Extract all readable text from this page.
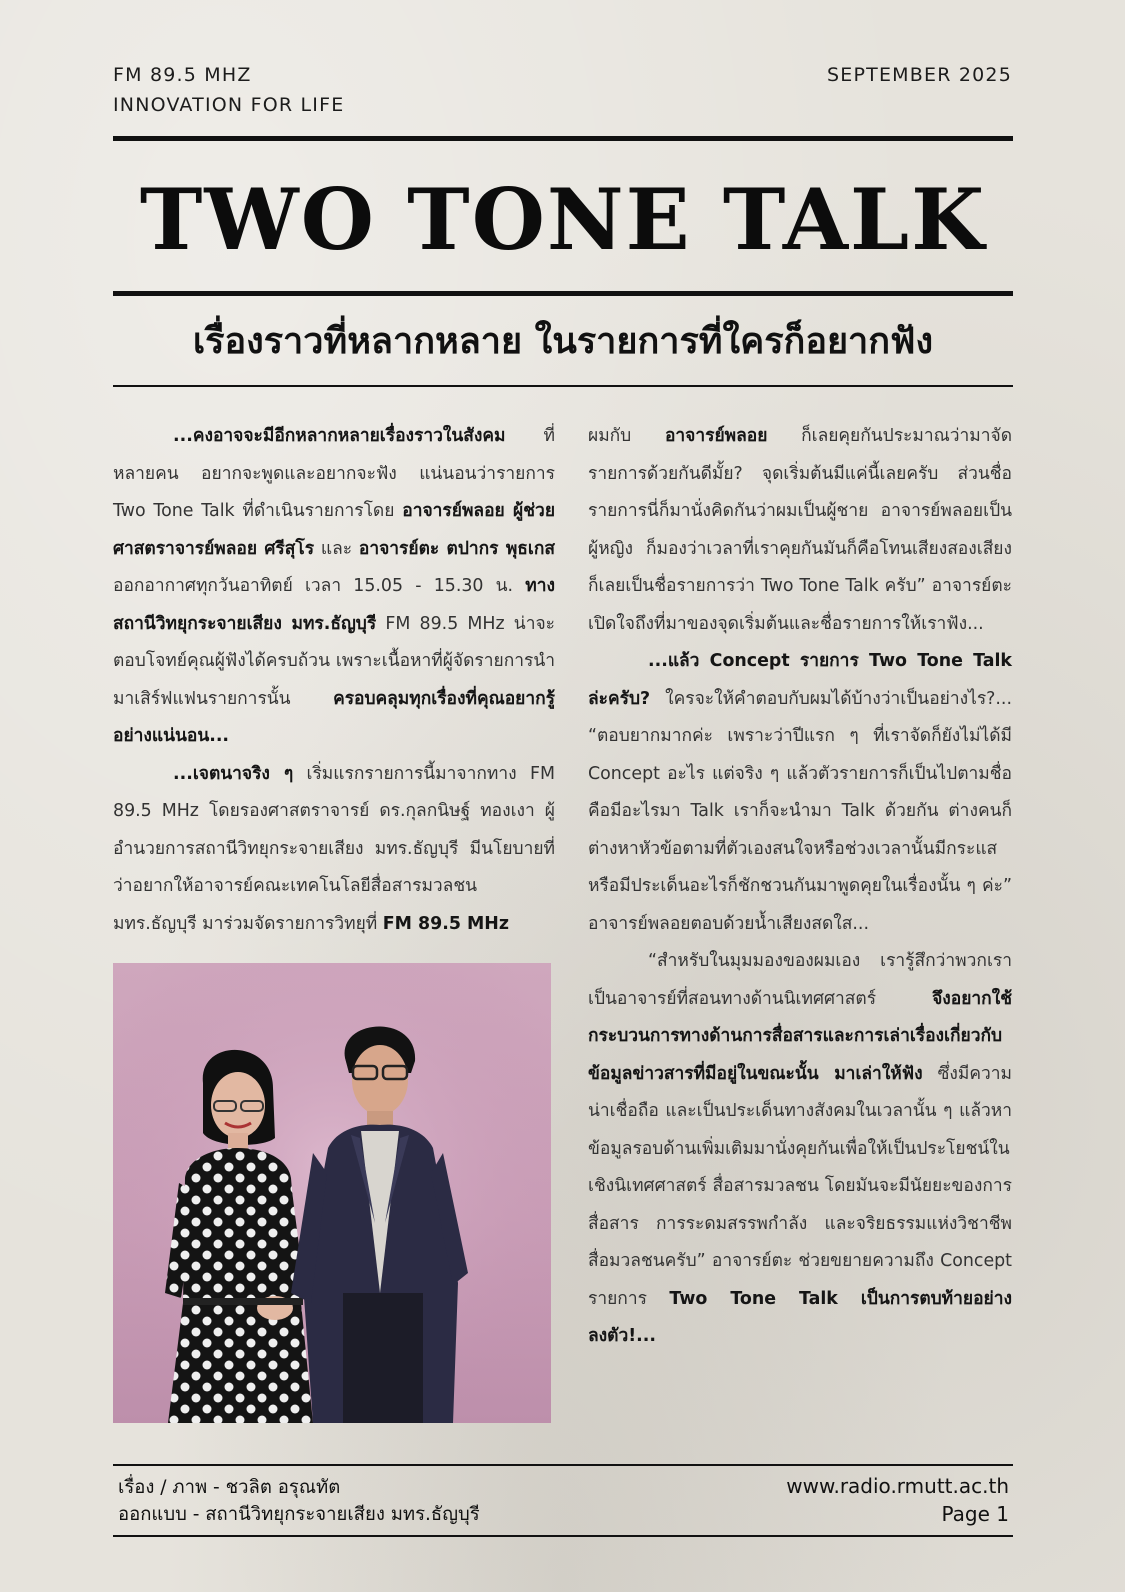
FM 89.5 MHZ
INNOVATION FOR LIFE
SEPTEMBER 2025
TWO TONE TALK
เรื่องราวที่หลากหลาย ในรายการที่ใครก็อยากฟัง

...คงอาจจะมีอีกหลากหลายเรื่องราวในสังคม ที่หลายคน อยากจะพูดและอยากจะฟัง แน่นอนว่ารายการ Two Tone Talk ที่ดำเนินรายการโดย อาจารย์พลอย ผู้ช่วยศาสตราจารย์พลอย ศรีสุโร และ อาจารย์ตะ ตปากร พุธเกส ออกอากาศทุกวันอาทิตย์ เวลา 15.05 - 15.30 น. ทางสถานีวิทยุกระจายเสียง มทร.ธัญบุรี FM 89.5 MHz น่าจะตอบโจทย์คุณผู้ฟังได้ครบถ้วน เพราะเนื้อหาที่ผู้จัดรายการนำมาเสิร์ฟแฟนรายการนั้น ครอบคลุมทุกเรื่องที่คุณอยากรู้อย่างแน่นอน...

...เจตนาจริง ๆ เริ่มแรกรายการนี้มาจากทาง FM 89.5 MHz โดยรองศาสตราจารย์ ดร.กุลกนิษฐ์ ทองเงา ผู้อำนวยการสถานีวิทยุกระจายเสียง มทร.ธัญบุรี มีนโยบายที่ว่าอยากให้อาจารย์คณะเทคโนโลยีสื่อสารมวลชน มทร.ธัญบุรี มาร่วมจัดรายการวิทยุที่ FM 89.5 MHz

ผมกับ อาจารย์พลอย ก็เลยคุยกันประมาณว่ามาจัดรายการด้วยกันดีมั้ย? จุดเริ่มต้นมีแค่นี้เลยครับ ส่วนชื่อรายการนี่ก็มานั่งคิดกันว่าผมเป็นผู้ชาย อาจารย์พลอยเป็นผู้หญิง ก็มองว่าเวลาที่เราคุยกันมันก็คือโทนเสียงสองเสียง ก็เลยเป็นชื่อรายการว่า Two Tone Talk ครับ” อาจารย์ตะ เปิดใจถึงที่มาของจุดเริ่มต้นและชื่อรายการให้เราฟัง...

...แล้ว Concept รายการ Two Tone Talk ล่ะครับ? ใครจะให้คำตอบกับผมได้บ้างว่าเป็นอย่างไร?... “ตอบยากมากค่ะ เพราะว่าปีแรก ๆ ที่เราจัดก็ยังไม่ได้มี Concept อะไร แต่จริง ๆ แล้วตัวรายการก็เป็นไปตามชื่อ คือมีอะไรมา Talk เราก็จะนำมา Talk ด้วยกัน ต่างคนก็ต่างหาหัวข้อตามที่ตัวเองสนใจหรือช่วงเวลานั้นมีกระแสหรือมีประเด็นอะไรก็ชักชวนกันมาพูดคุยในเรื่องนั้น ๆ ค่ะ” อาจารย์พลอยตอบด้วยน้ำเสียงสดใส...

“สำหรับในมุมมองของผมเอง เรารู้สึกว่าพวกเราเป็นอาจารย์ที่สอนทางด้านนิเทศศาสตร์ จึงอยากใช้กระบวนการทางด้านการสื่อสารและการเล่าเรื่องเกี่ยวกับข้อมูลข่าวสารที่มีอยู่ในขณะนั้น มาเล่าให้ฟัง ซึ่งมีความน่าเชื่อถือ และเป็นประเด็นทางสังคมในเวลานั้น ๆ แล้วหาข้อมูลรอบด้านเพิ่มเติมมานั่งคุยกันเพื่อให้เป็นประโยชน์ในเชิงนิเทศศาสตร์ สื่อสารมวลชน โดยมันจะมีนัยยะของการสื่อสาร การระดมสรรพกำลัง และจริยธรรมแห่งวิชาชีพสื่อมวลชนครับ” อาจารย์ตะ ช่วยขยายความถึง Concept รายการ Two Tone Talk เป็นการตบท้ายอย่างลงตัว!...

เรื่อง / ภาพ - ชวลิต อรุณทัต
ออกแบบ - สถานีวิทยุกระจายเสียง มทร.ธัญบุรี
www.radio.rmutt.ac.th
Page 1
